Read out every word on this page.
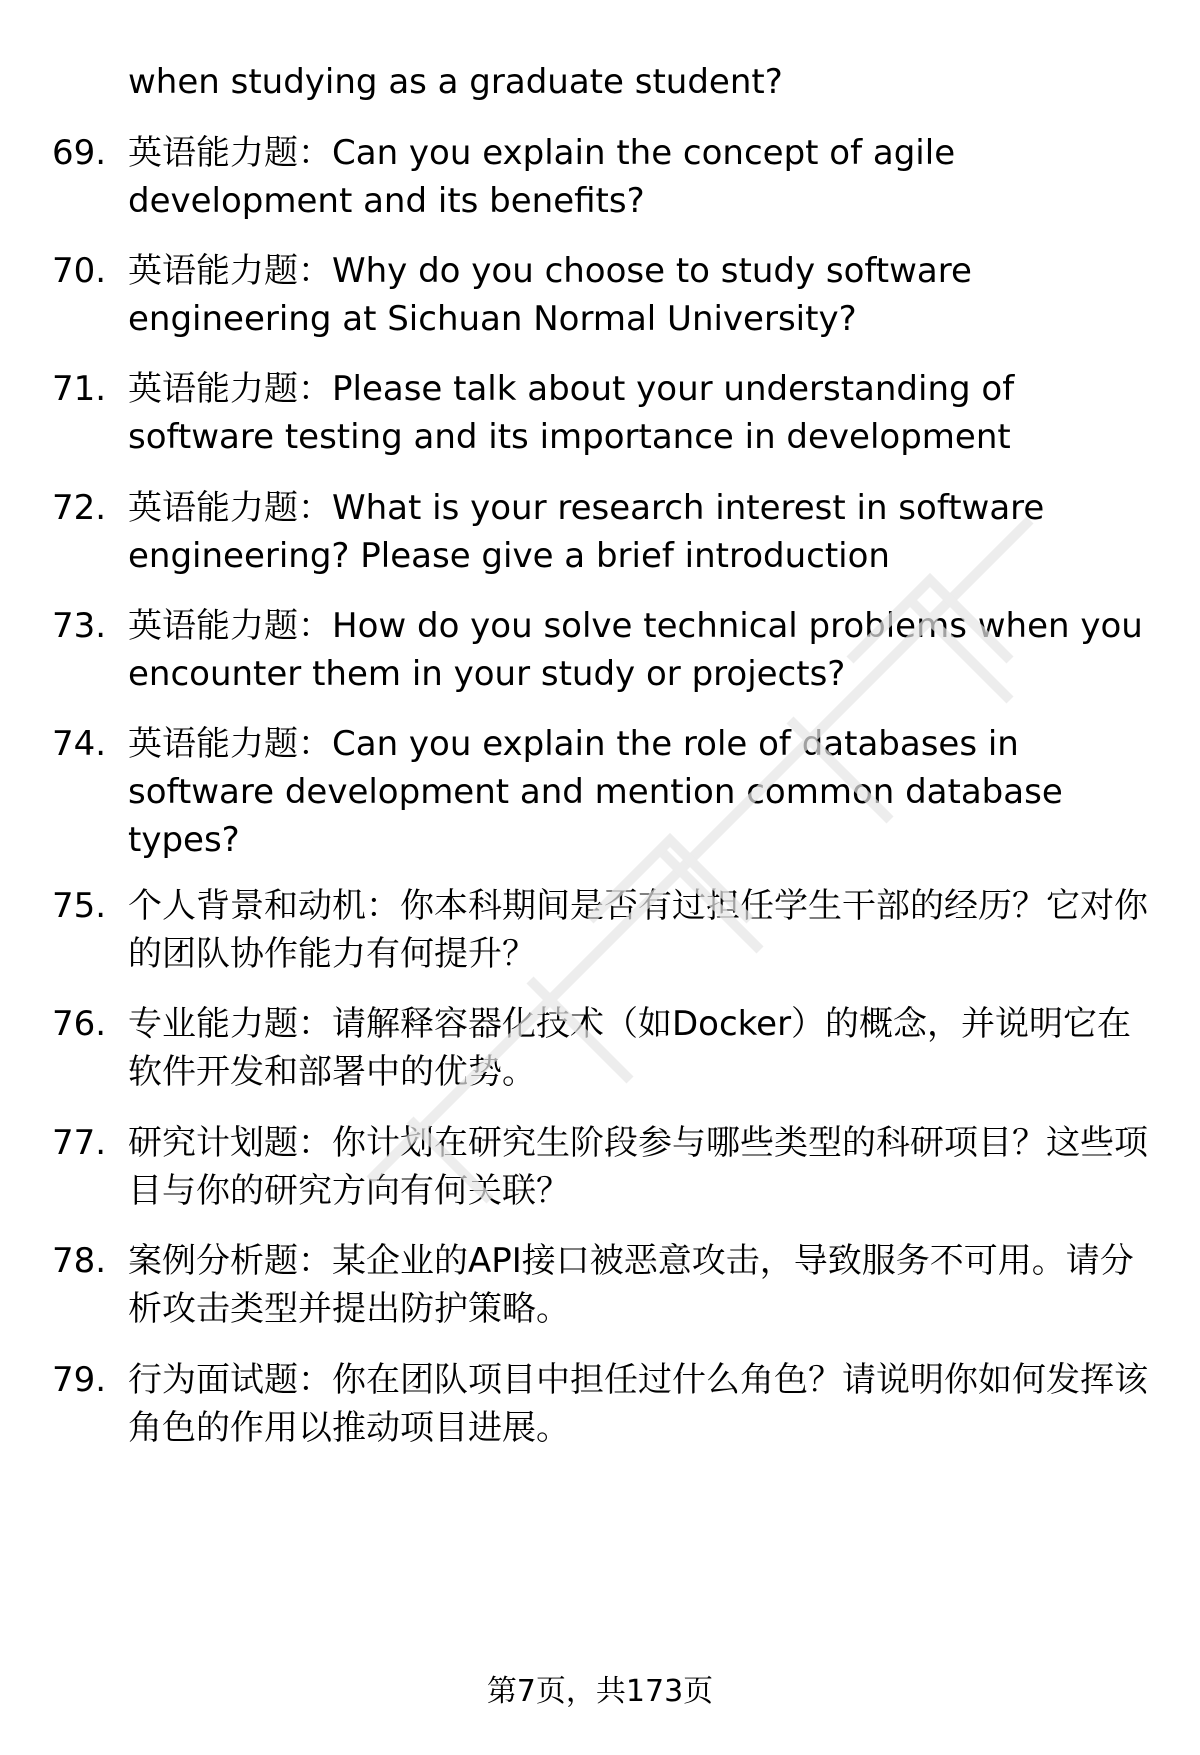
when studying as a graduate student?
69. 英语能力题：Can you explain the concept of agile development and its benefits?
70. 英语能力题：Why do you choose to study software engineering at Sichuan Normal University?
71. 英语能力题：Please talk about your understanding of software testing and its importance in development
72. 英语能力题：What is your research interest in software engineering? Please give a brief introduction
73. 英语能力题：How do you solve technical problems when you encounter them in your study or projects?
74. 英语能力题：Can you explain the role of databases in software development and mention common database types?
75. 个人背景和动机：你本科期间是否有过担任学生干部的经历？它对你的团队协作能力有何提升？
76. 专业能力题：请解释容器化技术（如Docker）的概念，并说明它在软件开发和部署中的优势。
77. 研究计划题：你计划在研究生阶段参与哪些类型的科研项目？这些项目与你的研究方向有何关联？
78. 案例分析题：某企业的API接口被恶意攻击，导致服务不可用。请分析攻击类型并提出防护策略。
79. 行为面试题：你在团队项目中担任过什么角色？请说明你如何发挥该角色的作用以推动项目进展。
第7页，共173页
